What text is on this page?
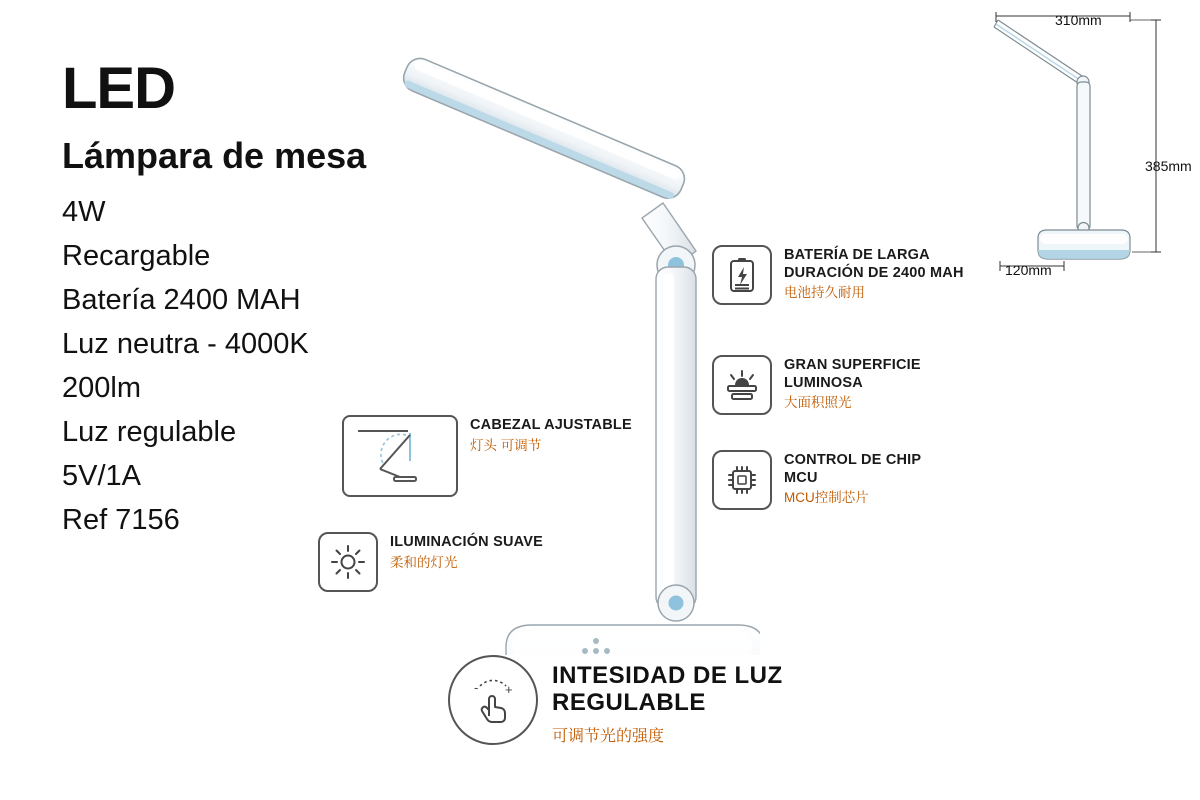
LED
Lámpara de mesa
4W
Recargable
Batería 2400 MAH
Luz neutra - 4000K
200lm
Luz regulable
5V/1A
Ref 7156
BATERÍA DE LARGA DURACIÓN DE 2400 MAH
电池持久耐用
GRAN SUPERFICIE LUMINOSA
大面积照光
CONTROL DE CHIP MCU
MCU控制芯片
CABEZAL AJUSTABLE
灯头 可调节
ILUMINACIÓN SUAVE
柔和的灯光
- +
INTESIDAD DE LUZ
REGULABLE
可调节光的强度
310mm
385mm
120mm
